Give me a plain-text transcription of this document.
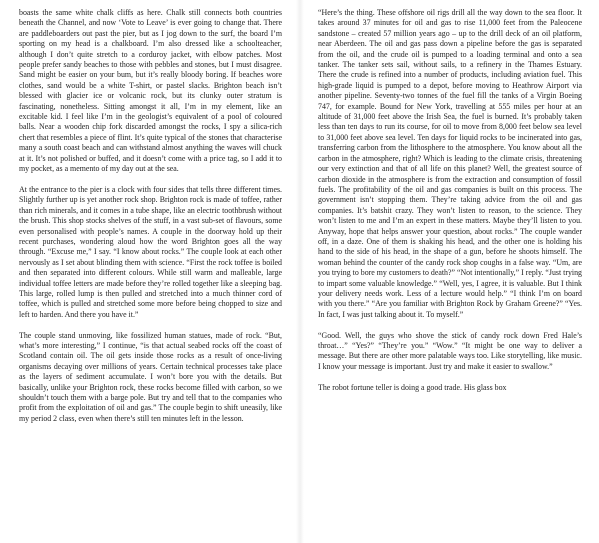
boasts the same white chalk cliffs as here. Chalk still connects both countries beneath the Channel, and now ‘Vote to Leave’ is ever going to change that. There are paddleboarders out past the pier, but as I jog down to the surf, the board I’m sporting on my head is a chalkboard. I’m also dressed like a schoolteacher, although I don’t quite stretch to a corduroy jacket, with elbow patches. Most people prefer sandy beaches to those with pebbles and stones, but I must disagree. Sand might be easier on your bum, but it’s really bloody boring. If beaches wore clothes, sand would be a white T-shirt, or pastel slacks. Brighton beach isn’t blessed with glacier ice or volcanic rock, but its clunky outer stratum is fascinating, nonetheless. Sitting amongst it all, I’m in my element, like an excitable kid. I feel like I’m in the geologist’s equivalent of a pool of coloured balls. Near a wooden chip fork discarded amongst the rocks, I spy a silica-rich chert that resembles a piece of flint. It’s quite typical of the stones that characterise many a south coast beach and can withstand almost anything the waves will chuck at it. It’s not polished or buffed, and it doesn’t come with a price tag, so I add it to my pocket, as a memento of my day out at the sea.

At the entrance to the pier is a clock with four sides that tells three different times. Slightly further up is yet another rock shop. Brighton rock is made of toffee, rather than rich minerals, and it comes in a tube shape, like an electric toothbrush without the brush. This shop stocks shelves of the stuff, in a vast sub-set of flavours, some even personalised with people’s names. A couple in the doorway hold up their recent purchases, wondering aloud how the word Brighton goes all the way through. “Excuse me,” I say. “I know about rocks.” The couple look at each other nervously as I set about blinding them with science. “First the rock toffee is boiled and then separated into different colours. While still warm and malleable, large individual toffee letters are made before they’re rolled together like a sleeping bag. This large, rolled lump is then pulled and stretched into a much thinner cord of toffee, which is pulled and stretched some more before being chopped to size and left to harden. And there you have it.”

The couple stand unmoving, like fossilized human statues, made of rock. “But, what’s more interesting,” I continue, “is that actual seabed rocks off the coast of Scotland contain oil. The oil gets inside those rocks as a result of once-living organisms decaying over millions of years. Certain technical processes take place as the layers of sediment accumulate. I won’t bore you with the details. But basically, unlike your Brighton rock, these rocks become filled with carbon, so we shouldn’t touch them with a barge pole. But try and tell that to the companies who profit from the exploitation of oil and gas.” The couple begin to shift uneasily, like my period 2 class, even when there’s still ten minutes left in the lesson.

“Here’s the thing. These offshore oil rigs drill all the way down to the sea floor. It takes around 37 minutes for oil and gas to rise 11,000 feet from the Paleocene sandstone – created 57 million years ago – up to the drill deck of an oil platform, near Aberdeen. The oil and gas pass down a pipeline before the gas is separated from the oil, and the crude oil is pumped to a loading terminal and onto a sea tanker. The tanker sets sail, without sails, to a refinery in the Thames Estuary. There the crude is refined into a number of products, including aviation fuel. This high-grade liquid is pumped to a depot, before moving to Heathrow Airport via another pipeline. Seventy-two tonnes of the fuel fill the tanks of a Virgin Boeing 747, for example. Bound for New York, travelling at 555 miles per hour at an altitude of 31,000 feet above the Irish Sea, the fuel is burned. It’s probably taken less than ten days to run its course, for oil to move from 8,000 feet below sea level to 31,000 feet above sea level. Ten days for liquid rocks to be incinerated into gas, transferring carbon from the lithosphere to the atmosphere. You know about all the carbon in the atmosphere, right? Which is leading to the climate crisis, threatening our very extinction and that of all life on this planet? Well, the greatest source of carbon dioxide in the atmosphere is from the extraction and consumption of fossil fuels. The profitability of the oil and gas companies is built on this process. The government isn’t stopping them. They’re taking advice from the oil and gas companies. It’s batshit crazy. They won’t listen to reason, to the science. They won’t listen to me and I’m an expert in these matters. Maybe they’ll listen to you. Anyway, hope that helps answer your question, about rocks.” The couple wander off, in a daze. One of them is shaking his head, and the other one is holding his hand to the side of his head, in the shape of a gun, before he shoots himself. The woman behind the counter of the candy rock shop coughs in a false way. “Um, are you trying to bore my customers to death?” “Not intentionally,” I reply. “Just trying to impart some valuable knowledge.” “Well, yes, I agree, it is valuable. But I think your delivery needs work. Less of a lecture would help.” “I think I’m on board with you there.” “Are you familiar with Brighton Rock by Graham Greene?” “Yes. In fact, I was just talking about it. To myself.”

“Good. Well, the guys who shove the stick of candy rock down Fred Hale’s throat…” “Yes?” “They’re you.” “Wow.” “It might be one way to deliver a message. But there are other more palatable ways too. Like storytelling, like music. I know your message is important. Just try and make it easier to swallow.”

The robot fortune teller is doing a good trade. His glass box
